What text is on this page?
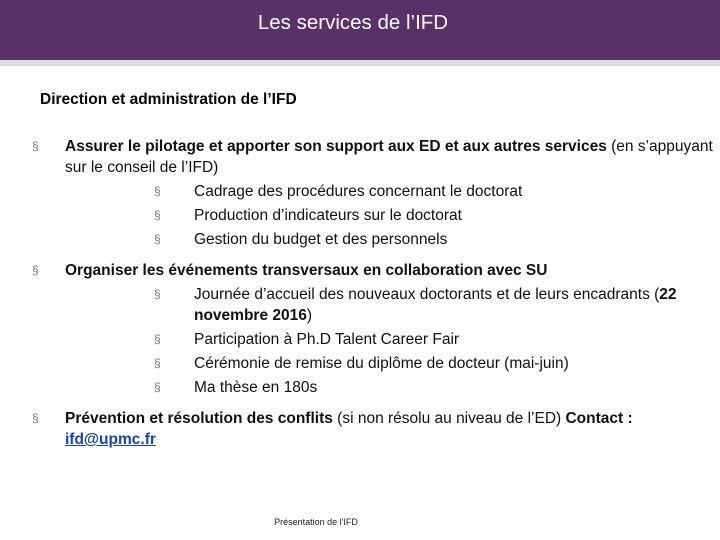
Les services de l’IFD
Direction et administration de l’IFD
§ Assurer le pilotage et apporter son support aux ED et aux autres services (en s’appuyant sur le conseil de l’IFD)
§ Cadrage des procédures concernant le doctorat
§ Production d’indicateurs sur le doctorat
§ Gestion du budget et des personnels
§ Organiser les événements transversaux en collaboration avec SU
§ Journée d’accueil des nouveaux doctorants et de leurs encadrants (22 novembre 2016)
§ Participation à Ph.D Talent Career Fair
§ Cérémonie de remise du diplôme de docteur (mai-juin)
§ Ma thèse en 180s
§ Prévention et résolution des conflits (si non résolu au niveau de l’ED) Contact : ifd@upmc.fr
Présentation de l'IFD
